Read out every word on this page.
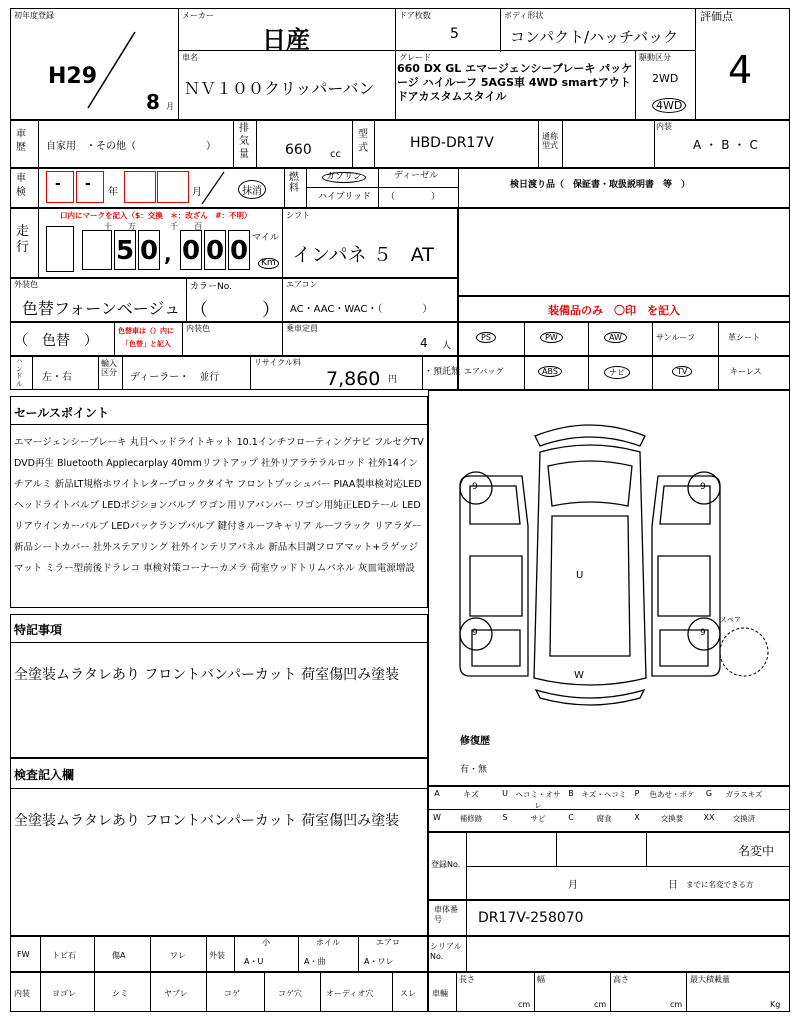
初年度登録
H29
8 月
メーカー
日産
ドア枚数
5
ボディ形状
コンパクト/ハッチバック
評価点
4
車名
ＮＶ１００クリッパーバン
グレード
660 DX GL エマージェンシーブレーキ パッケージ ハイルーフ 5AGS車 4WD smartアウトドアカスタムスタイル
駆動区分
2WD
4WD
車歴	自家用　・その他（　　　　　　　）
排気量	660 cc
型式	HBD-DR17V	通称型式
内装
A・B・C
車検
- -
年	月	抹消
燃料
ガソリン	ディーゼル
ハイブリッド （　　　　）
検日渡り品（　保証書・取扱説明書　等　）
走行
口内にマークを記入（$：交換　＊：改ざん　#：不明）
5 0 0 0 0
,
十 万	千 百
マイル
Km
シフト
インパネ ５　AT
外装色
色替フォーンベージュ
カラーNo.
（　　　）
エアコン
AC・AAC・WAC・（　　　　）	装備品のみ　〇印　を記入
（　色替　）
色替車は（）内に
「色替」と記入
内装色	乗車定員
4 人
PS	PW	AW	サンルーフ	革シート
ハンドル
左・右
輸入区分	ディーラー・　並行
リサイクル料
7,860 円
・預託無 エアバッグ	ABS	ナビ	TV	キーレス
セールスポイント
エマージェンシーブレーキ 丸目ヘッドライトキット 10.1インチフローティングナビ フルセグTV DVD再生 Bluetooth Applecarplay 40mmリフトアップ 社外リアラテラルロッド 社外14インチアルミ 新品LT規格ホワイトレターブロックタイヤ フロントプッシュバー PIAA製車検対応LEDヘッドライトバルブ LEDポジションバルブ ワゴン用リアバンパー ワゴン用純正LEDテール LEDリアウインカーバルブ LEDバックランプバルブ 鍵付きルーフキャリア ルーフラック リアラダー 新品シートカバー 社外ステアリング 社外インテリアパネル 新品木目調フロアマット+ラゲッジマット ミラー型前後ドラレコ 車検対策コーナーカメラ 荷室ウッドトリムパネル 灰皿電源增設
特記事項
全塗装ムラタレあり フロントバンパーカット 荷室傷凹み塗装
検査記入欄
全塗装ムラタレあり フロントバンパーカット 荷室傷凹み塗装
9	9
9	9
U
W
スペア
修復歴
有・無
A	キズ	U	ヘコミ・オサレ
B	キズ・ヘコミ	P	色あせ・ボケ	G	ガラスキズ
W	補修跡	S	サビ	C	腐食	X	交換要	XX	交換済
登録No.
名変中
月	日 までに名変できる方
車体番号	DR17V-258070
FW	トビ石	傷A	ワレ	外装
小	ホイル	エアロ
A・U	A・曲	A・ワレ
シリアルNo.
内装	ヨゴレ	シミ	ヤブレ	コゲ	コゲ穴	オーディオ穴	スレ 車輛
長さ
cm
幅
cm
高さ
cm
最大積載量
Kg
